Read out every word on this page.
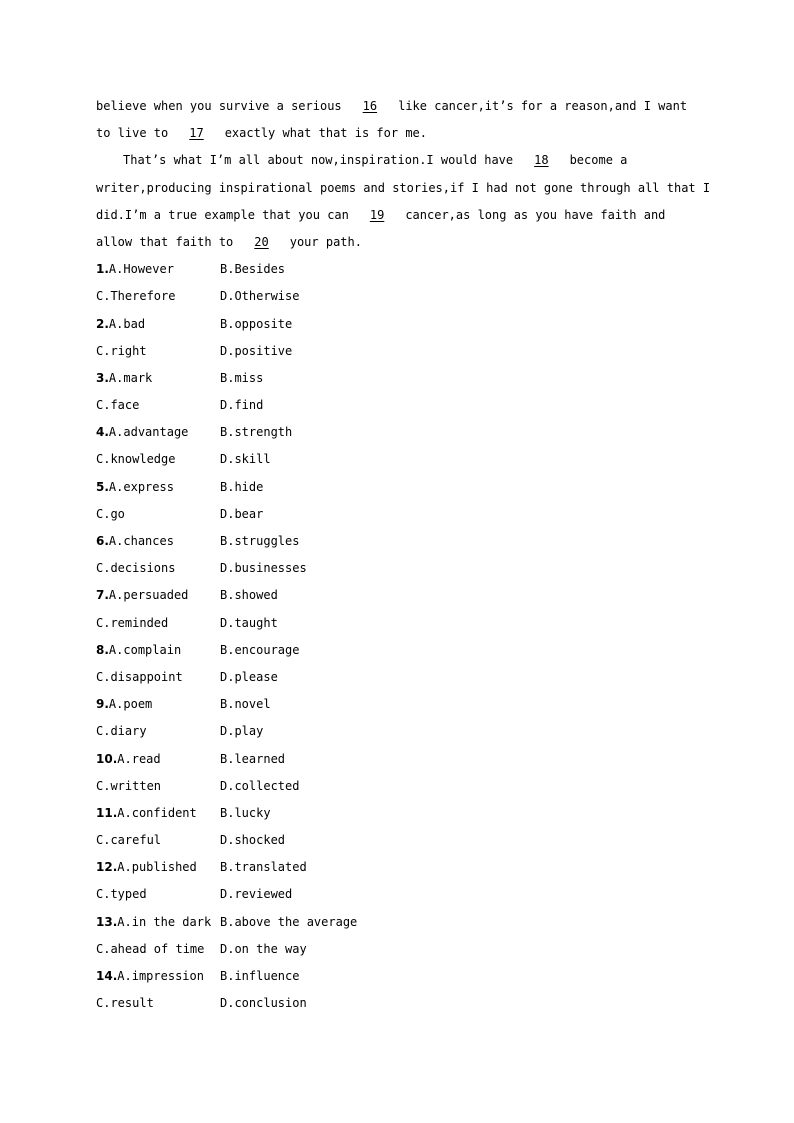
believe when you survive a serious 16 like cancer,it’s for a reason,and I want
to live to 17 exactly what that is for me.
That’s what I’m all about now,inspiration.I would have 18 become a
writer,producing inspirational poems and stories,if I had not gone through all that I
did.I’m a true example that you can 19 cancer,as long as you have faith and
allow that faith to 20 your path.
1.A.However	B.Besides
C.Therefore	D.Otherwise
2.A.bad	B.opposite
C.right	D.positive
3.A.mark	B.miss
C.face	D.find
4.A.advantage	B.strength
C.knowledge	D.skill
5.A.express	B.hide
C.go	D.bear
6.A.chances	B.struggles
C.decisions	D.businesses
7.A.persuaded	B.showed
C.reminded	D.taught
8.A.complain	B.encourage
C.disappoint	D.please
9.A.poem	B.novel
C.diary	D.play
10.A.read	B.learned
C.written	D.collected
11.A.confident	B.lucky
C.careful	D.shocked
12.A.published	B.translated
C.typed	D.reviewed
13.A.in the dark B.above the average
C.ahead of time	D.on the way
14.A.impression	B.influence
C.result	D.conclusion
